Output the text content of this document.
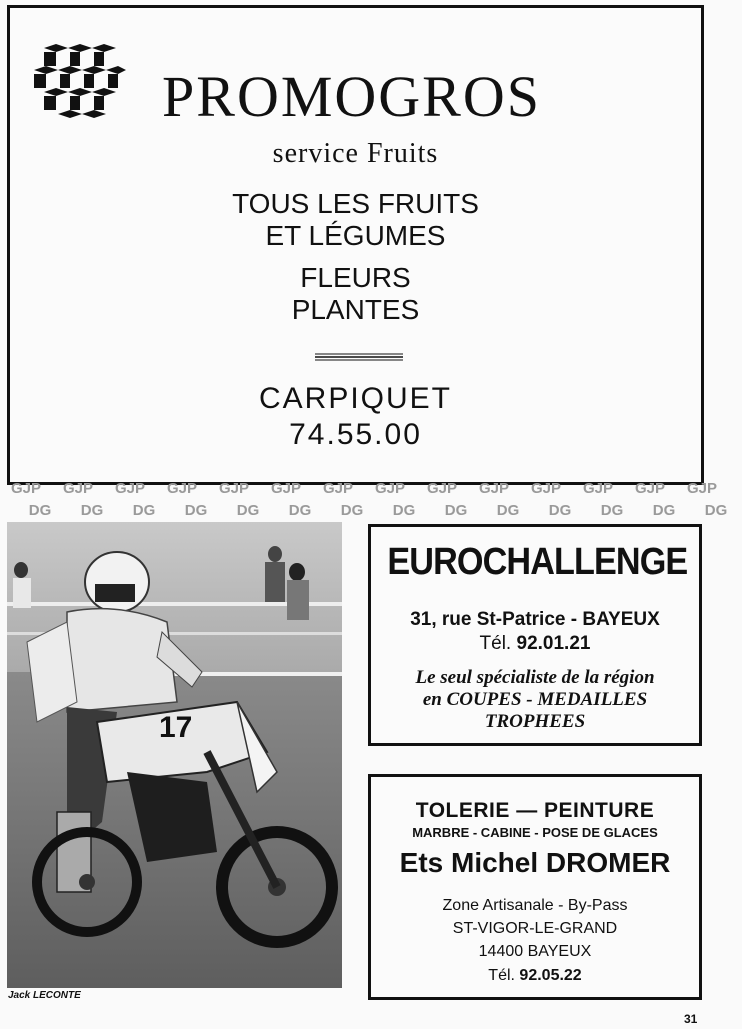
PROMOGROS
service Fruits
TOUS LES FRUITS
ET LÉGUMES
FLEURS
PLANTES
CARPIQUET
74.55.00
GJP GJP GJP GJP GJP GJP GJP GJP GJP GJP GJP GJP GJP GJP
DG DG DG DG DG DG DG DG DG DG DG DG DG DG
17
Jack LECONTE
EUROCHALLENGE
31, rue St-Patrice - BAYEUX
Tél. 92.01.21
Le seul spécialiste de la région
en COUPES - MEDAILLES
TROPHEES
TOLERIE — PEINTURE
MARBRE - CABINE - POSE DE GLACES
Ets Michel DROMER
Zone Artisanale - By-Pass
ST-VIGOR-LE-GRAND
14400 BAYEUX
Tél. 92.05.22
31
